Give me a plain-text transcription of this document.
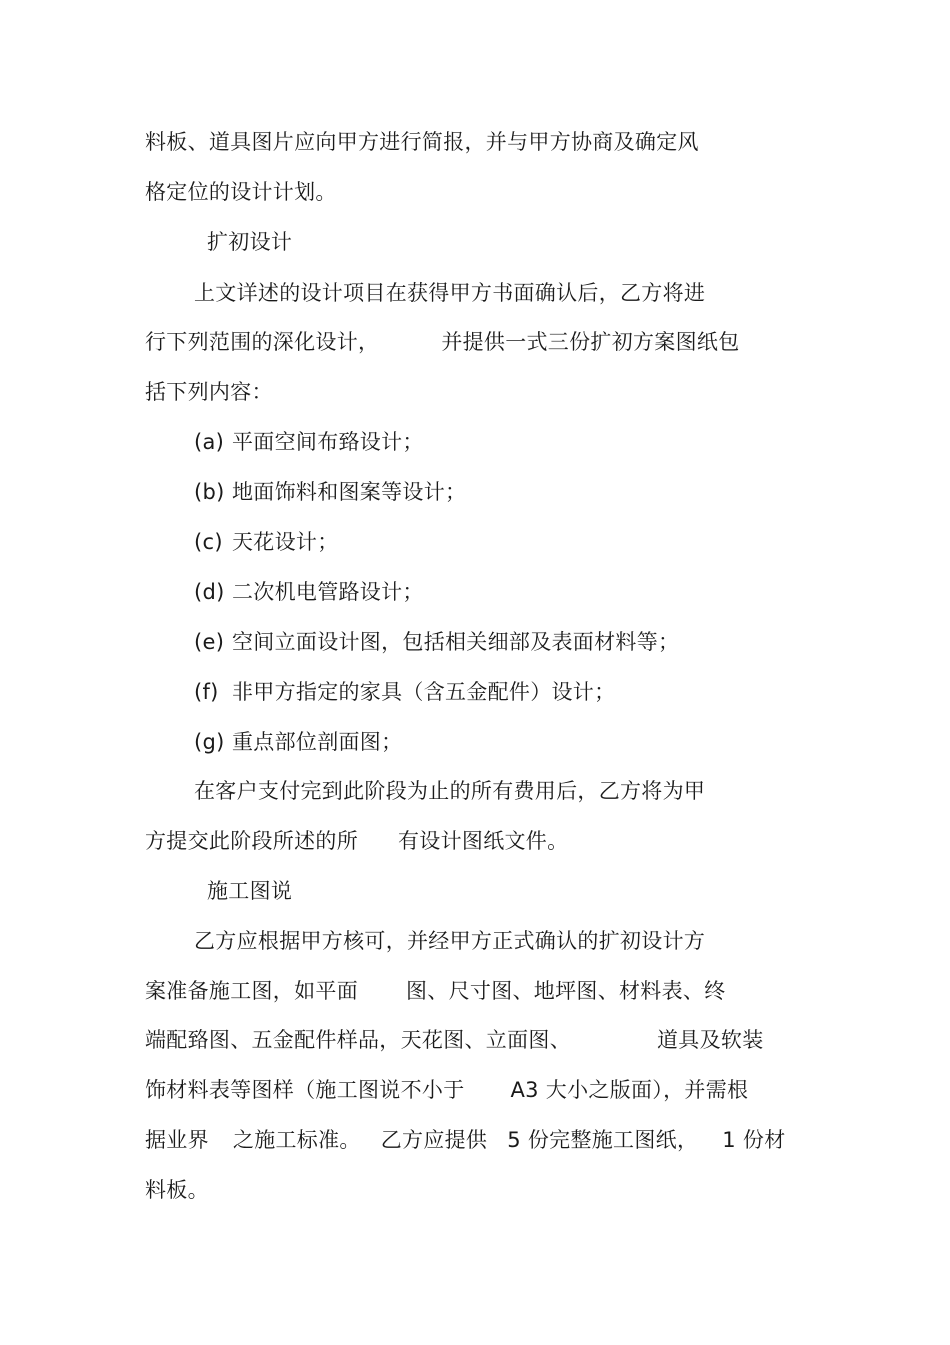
料板、道具图片应向甲方进行简报，并与甲方协商及确定风
格定位的设计计划。
扩初设计
上文详述的设计项目在获得甲方书面确认后，乙方将进
行下列范围的深化设计，	并提供一式三份扩初方案图纸包
括下列内容：
(a) 平面空间布臵设计；
(b) 地面饰料和图案等设计；
(c) 天花设计；
(d) 二次机电管路设计；
(e) 空间立面设计图，包括相关细部及表面材料等；
(f) 非甲方指定的家具（含五金配件）设计；
(g) 重点部位剖面图；
在客户支付完到此阶段为止的所有费用后，乙方将为甲
方提交此阶段所述的所 有设计图纸文件。
施工图说
乙方应根据甲方核可，并经甲方正式确认的扩初设计方
案准备施工图，如平面 图、尺寸图、地坪图、材料表、终
端配臵图、五金配件样品，天花图、立面图、	道具及软装
饰材料表等图样（施工图说不小于 A3 大小之版面），并需根
据业界 之施工标准。 乙方应提供 5 份完整施工图纸， 1 份材
料板。
